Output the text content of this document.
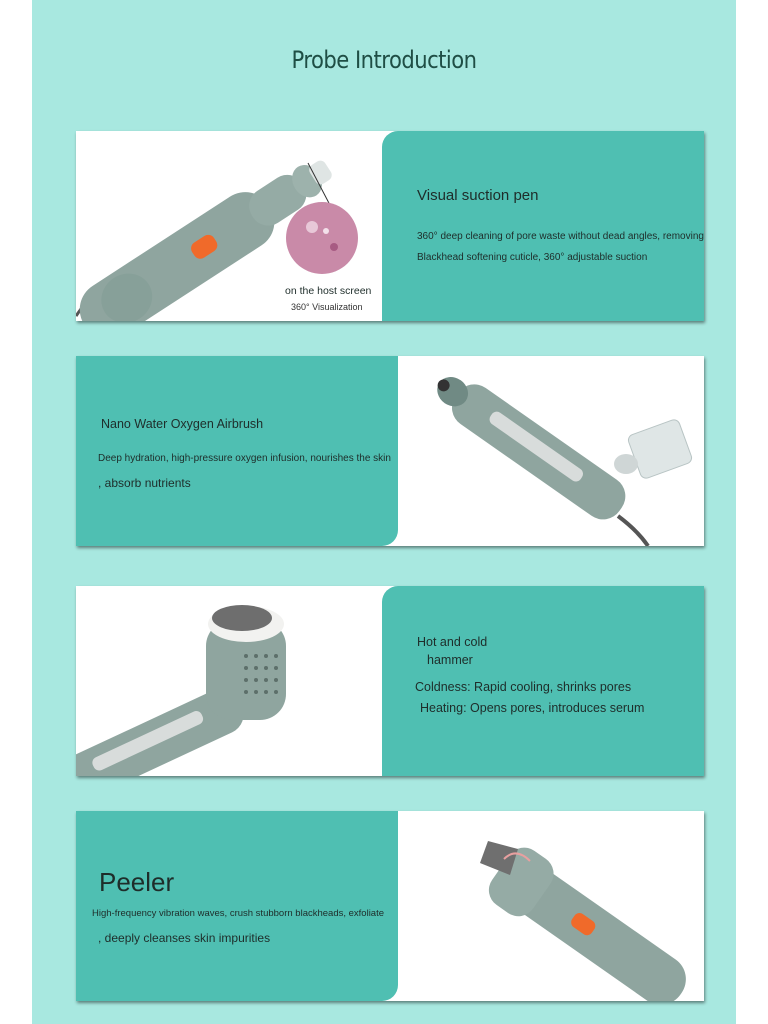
Probe Introduction
on the host screen
360° Visualization
Visual suction pen
360° deep cleaning of pore waste without dead angles, removing
Blackhead softening cuticle, 360° adjustable suction
Nano Water Oxygen Airbrush
Deep hydration, high-pressure oxygen infusion, nourishes the skin
, absorb nutrients
Hot and cold
hammer
Coldness: Rapid cooling, shrinks pores
Heating: Opens pores, introduces serum
Peeler
High-frequency vibration waves, crush stubborn blackheads, exfoliate
, deeply cleanses skin impurities
